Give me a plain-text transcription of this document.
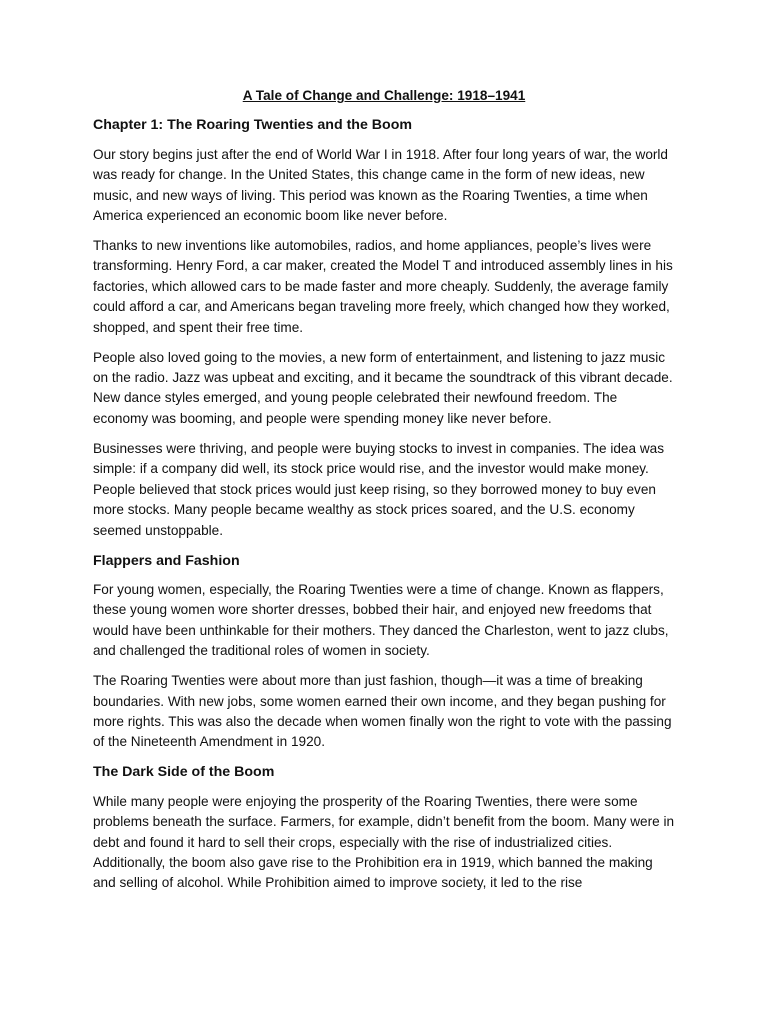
A Tale of Change and Challenge: 1918–1941
Chapter 1: The Roaring Twenties and the Boom

Our story begins just after the end of World War I in 1918. After four long years of war, the world was ready for change. In the United States, this change came in the form of new ideas, new music, and new ways of living. This period was known as the Roaring Twenties, a time when America experienced an economic boom like never before.

Thanks to new inventions like automobiles, radios, and home appliances, people’s lives were transforming. Henry Ford, a car maker, created the Model T and introduced assembly lines in his factories, which allowed cars to be made faster and more cheaply. Suddenly, the average family could afford a car, and Americans began traveling more freely, which changed how they worked, shopped, and spent their free time.

People also loved going to the movies, a new form of entertainment, and listening to jazz music on the radio. Jazz was upbeat and exciting, and it became the soundtrack of this vibrant decade. New dance styles emerged, and young people celebrated their newfound freedom. The economy was booming, and people were spending money like never before.

Businesses were thriving, and people were buying stocks to invest in companies. The idea was simple: if a company did well, its stock price would rise, and the investor would make money. People believed that stock prices would just keep rising, so they borrowed money to buy even more stocks. Many people became wealthy as stock prices soared, and the U.S. economy seemed unstoppable.

Flappers and Fashion

For young women, especially, the Roaring Twenties were a time of change. Known as flappers, these young women wore shorter dresses, bobbed their hair, and enjoyed new freedoms that would have been unthinkable for their mothers. They danced the Charleston, went to jazz clubs, and challenged the traditional roles of women in society.

The Roaring Twenties were about more than just fashion, though—it was a time of breaking boundaries. With new jobs, some women earned their own income, and they began pushing for more rights. This was also the decade when women finally won the right to vote with the passing of the Nineteenth Amendment in 1920.

The Dark Side of the Boom

While many people were enjoying the prosperity of the Roaring Twenties, there were some problems beneath the surface. Farmers, for example, didn’t benefit from the boom. Many were in debt and found it hard to sell their crops, especially with the rise of industrialized cities. Additionally, the boom also gave rise to the Prohibition era in 1919, which banned the making and selling of alcohol. While Prohibition aimed to improve society, it led to the rise
